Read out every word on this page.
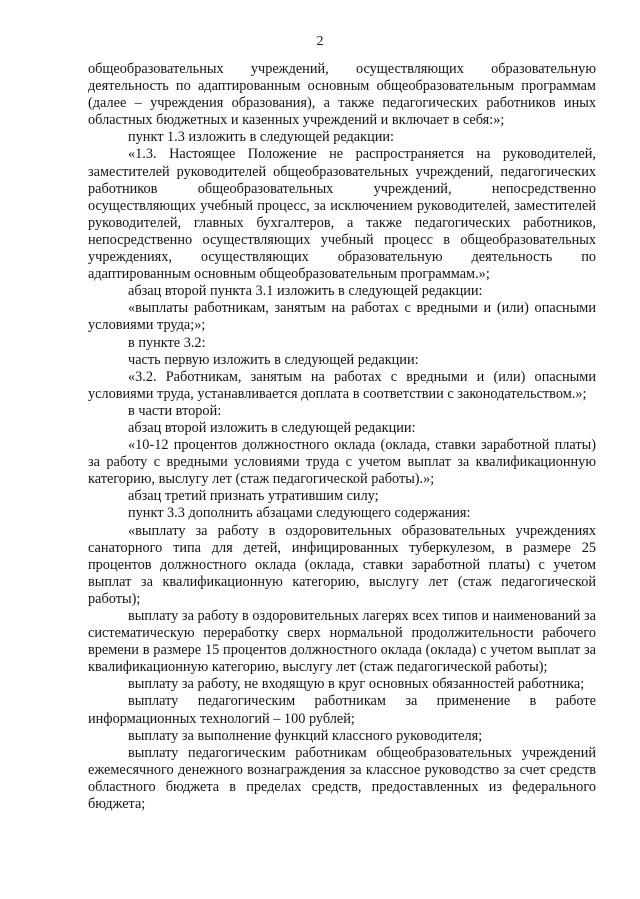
2

общеобразовательных учреждений, осуществляющих образовательную деятельность по адаптированным основным общеобразовательным программам (далее – учреждения образования), а также педагогических работников иных областных бюджетных и казенных учреждений и включает в себя:»;

пункт 1.3 изложить в следующей редакции:

«1.3. Настоящее Положение не распространяется на руководителей, заместителей руководителей общеобразовательных учреждений, педагогических работников общеобразовательных учреждений, непосредственно осуществляющих учебный процесс, за исключением руководителей, заместителей руководителей, главных бухгалтеров, а также педагогических работников, непосредственно осуществляющих учебный процесс в общеобразовательных учреждениях, осуществляющих образовательную деятельность по адаптированным основным общеобразовательным программам.»;

абзац второй пункта 3.1 изложить в следующей редакции:

«выплаты работникам, занятым на работах с вредными и (или) опасными условиями труда;»;

в пункте 3.2:

часть первую изложить в следующей редакции:

«3.2. Работникам, занятым на работах с вредными и (или) опасными условиями труда, устанавливается доплата в соответствии с законодательством.»;

в части второй:

абзац второй изложить в следующей редакции:

«10-12 процентов должностного оклада (оклада, ставки заработной платы) за работу с вредными условиями труда с учетом выплат за квалификационную категорию, выслугу лет (стаж педагогической работы).»;

абзац третий признать утратившим силу;

пункт 3.3 дополнить абзацами следующего содержания:

«выплату за работу в оздоровительных образовательных учреждениях санаторного типа для детей, инфицированных туберкулезом, в размере 25 процентов должностного оклада (оклада, ставки заработной платы) с учетом выплат за квалификационную категорию, выслугу лет (стаж педагогической работы);

выплату за работу в оздоровительных лагерях всех типов и наименований за систематическую переработку сверх нормальной продолжительности рабочего времени в размере 15 процентов должностного оклада (оклада) с учетом выплат за квалификационную категорию, выслугу лет (стаж педагогической работы);

выплату за работу, не входящую в круг основных обязанностей работника;

выплату педагогическим работникам за применение в работе информационных технологий – 100 рублей;

выплату за выполнение функций классного руководителя;

выплату педагогическим работникам общеобразовательных учреждений ежемесячного денежного вознаграждения за классное руководство за счет средств областного бюджета в пределах средств, предоставленных из федерального бюджета;
